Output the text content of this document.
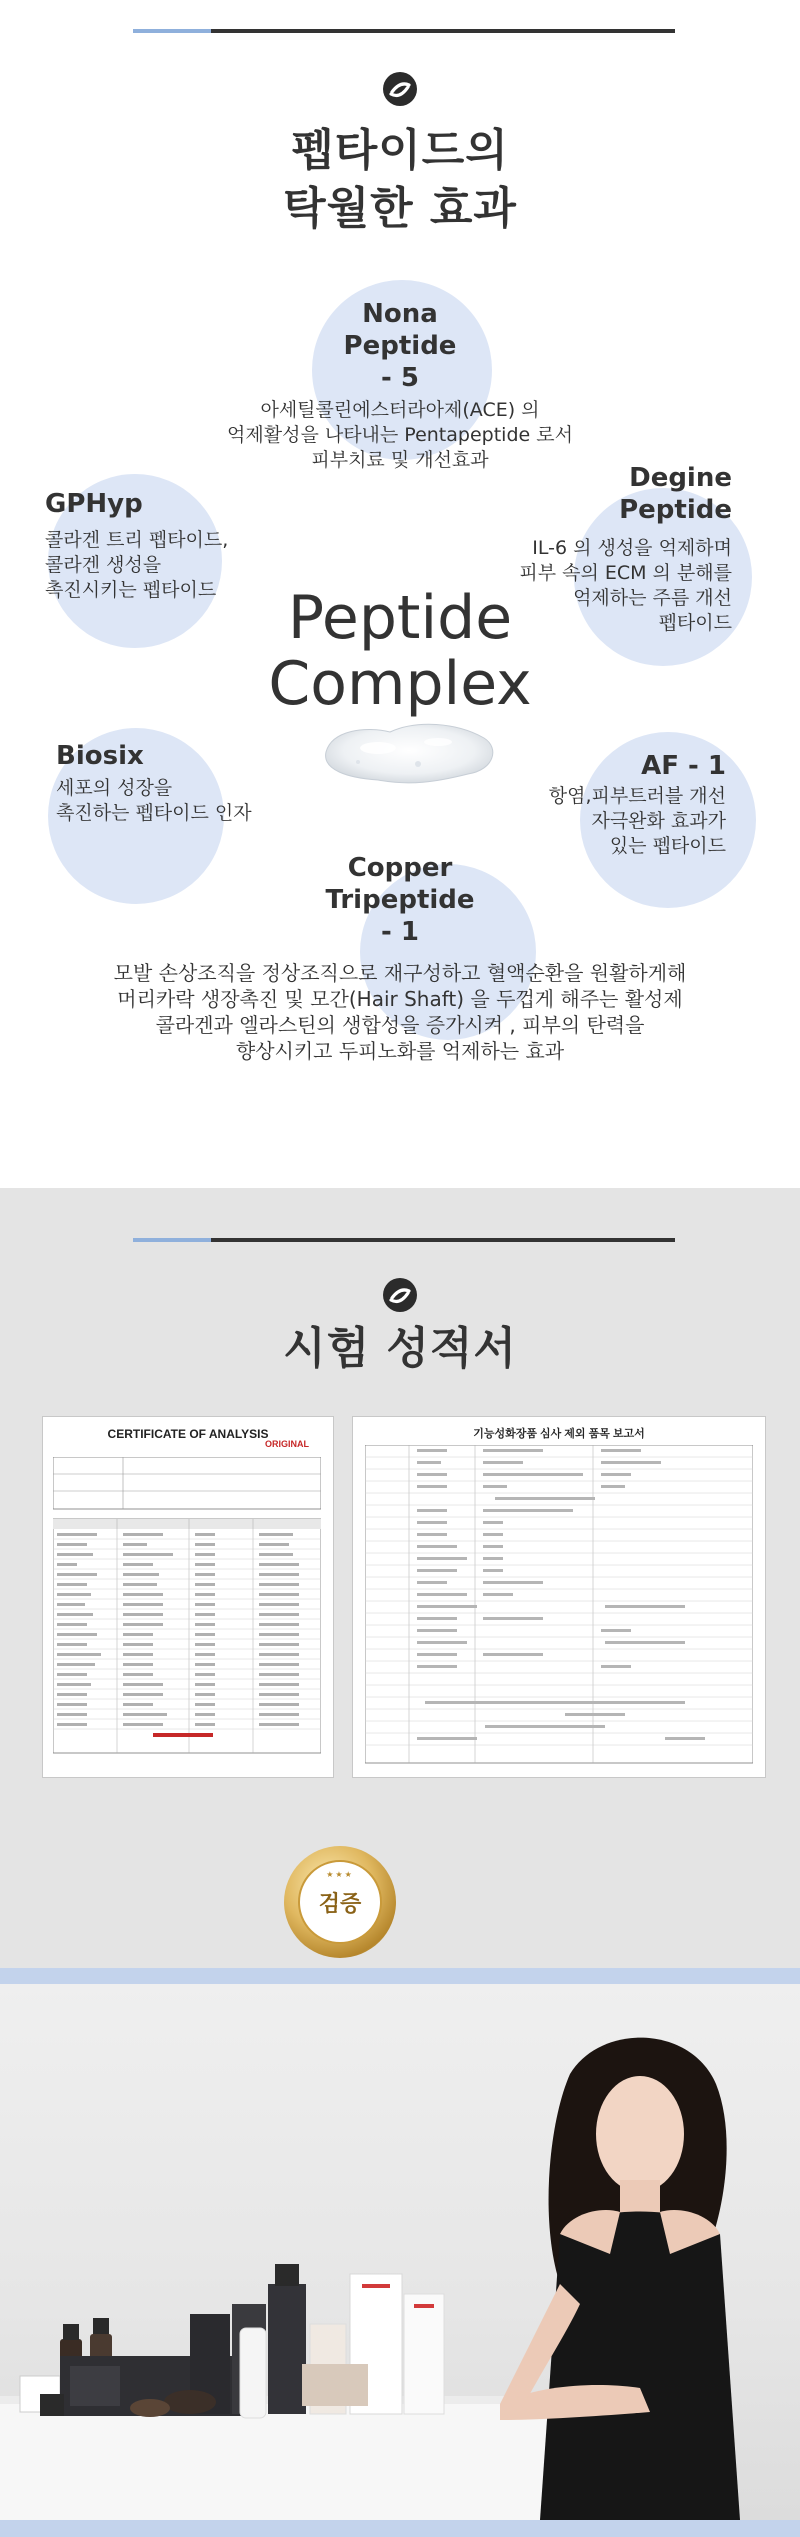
펩타이드의
탁월한 효과
Nona
Peptide
- 5
아세틸콜린에스터라아제(ACE) 의
억제활성을 나타내는 Pentapeptide 로서
피부치료 및 개선효과
GPHyp
콜라겐 트리 펩타이드,
콜라겐 생성을
촉진시키는 펩타이드
Degine
Peptide
IL-6 의 생성을 억제하며
피부 속의 ECM 의 분해를
억제하는 주름 개선
펩타이드
Peptide
Complex
Biosix
세포의 성장을
촉진하는 펩타이드 인자
AF - 1
항염,피부트러블 개선
자극완화 효과가
있는 펩타이드
Copper
Tripeptide
- 1
모발 손상조직을 정상조직으로 재구성하고 혈액순환을 원활하게해
머리카락 생장촉진 및 모간(Hair Shaft) 을 두껍게 해주는 활성제
콜라겐과 엘라스틴의 생합성을 증가시켜 , 피부의 탄력을
향상시키고 두피노화를 억제하는 효과
시험 성적서
CERTIFICATE OF ANALYSIS
ORIGINAL
기능성화장품 심사 제외 품목 보고서
★★★
검증
